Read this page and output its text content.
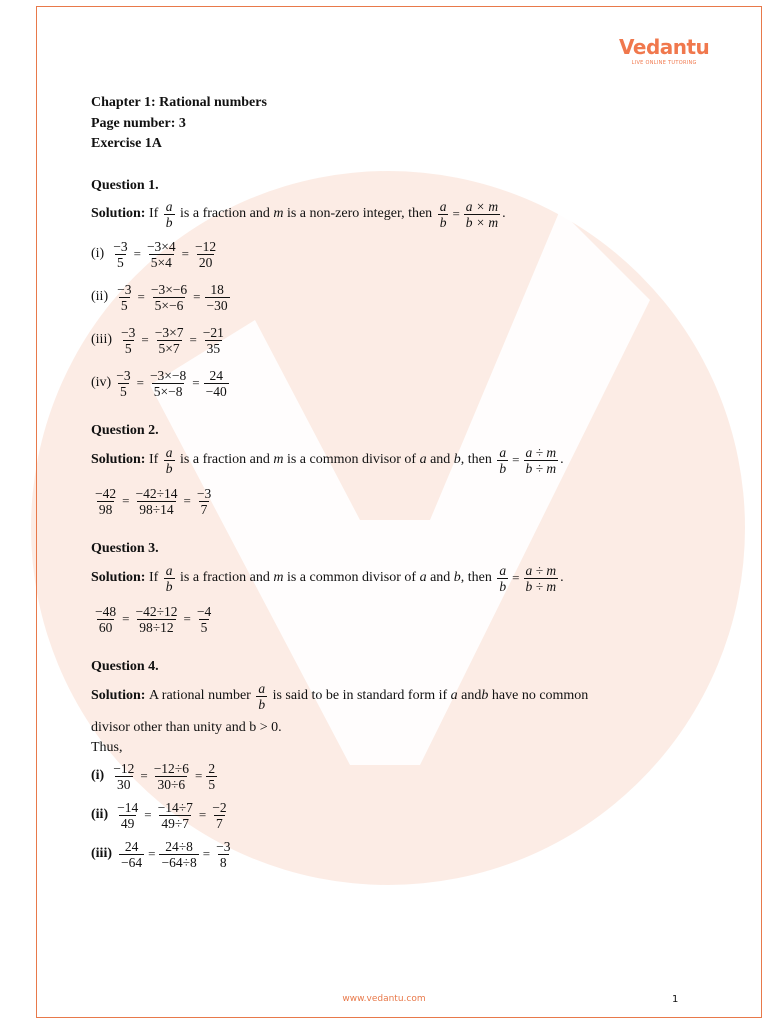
Vedantu
LIVE ONLINE TUTORING
Chapter 1: Rational numbers
Page number: 3
Exercise 1A
Question 1.
Solution:
If
$\frac{a}{b}$
is a fraction and
m
is a non-zero integer, then
$\frac{a}{b} = \frac{a \times m}{b \times m}$ .
$(i) \frac{-3}{5} = \frac{-3\times 4}{5\times 4} = \frac{-12}{20}$
$(ii) \frac{-3}{5} = \frac{-3\times-6}{5\times-6} = \frac{18}{-30}$
$(iii) \frac{-3}{5} = \frac{-3\times 7}{5\times 7} = \frac{-21}{35}$
$(iv) \frac{-3}{5} = \frac{-3\times-8}{5\times-8} = \frac{24}{-40}$
Question 2.
Solution:
If
$\frac{a}{b}$
is a fraction and
m
is a common divisor of
a
and
b , then
$\frac{a}{b} = \frac{a \div m}{b \div m}$ .
$\frac{-42}{98} = \frac{-42\div 14}{98\div 14} = \frac{-3}{7}$
Question 3.
Solution:
If
$\frac{a}{b}$
is a fraction and
m
is a common divisor of
a
and
b , then
$\frac{a}{b} = \frac{a \div m}{b \div m}$ .
$\frac{-48}{60} = \frac{-42\div 12}{98\div 12} = \frac{-4}{5}$
Question 4.
Solution:
A rational number
$\frac{a}{b}$
is said to be in standard form if
a
and b
have no common
divisor other than unity and b > 0.
Thus,
$(i) \frac{-12}{30} = \frac{-12\div 6}{30\div 6} = \frac{2}{5}$
$(ii) \frac{-14}{49} = \frac{-14\div 7}{49\div 7} = \frac{-2}{7}$
$(iii) \frac{24}{-64} = \frac{24\div 8}{-64\div 8} = \frac{-3}{8}$
www.vedantu.com	1
